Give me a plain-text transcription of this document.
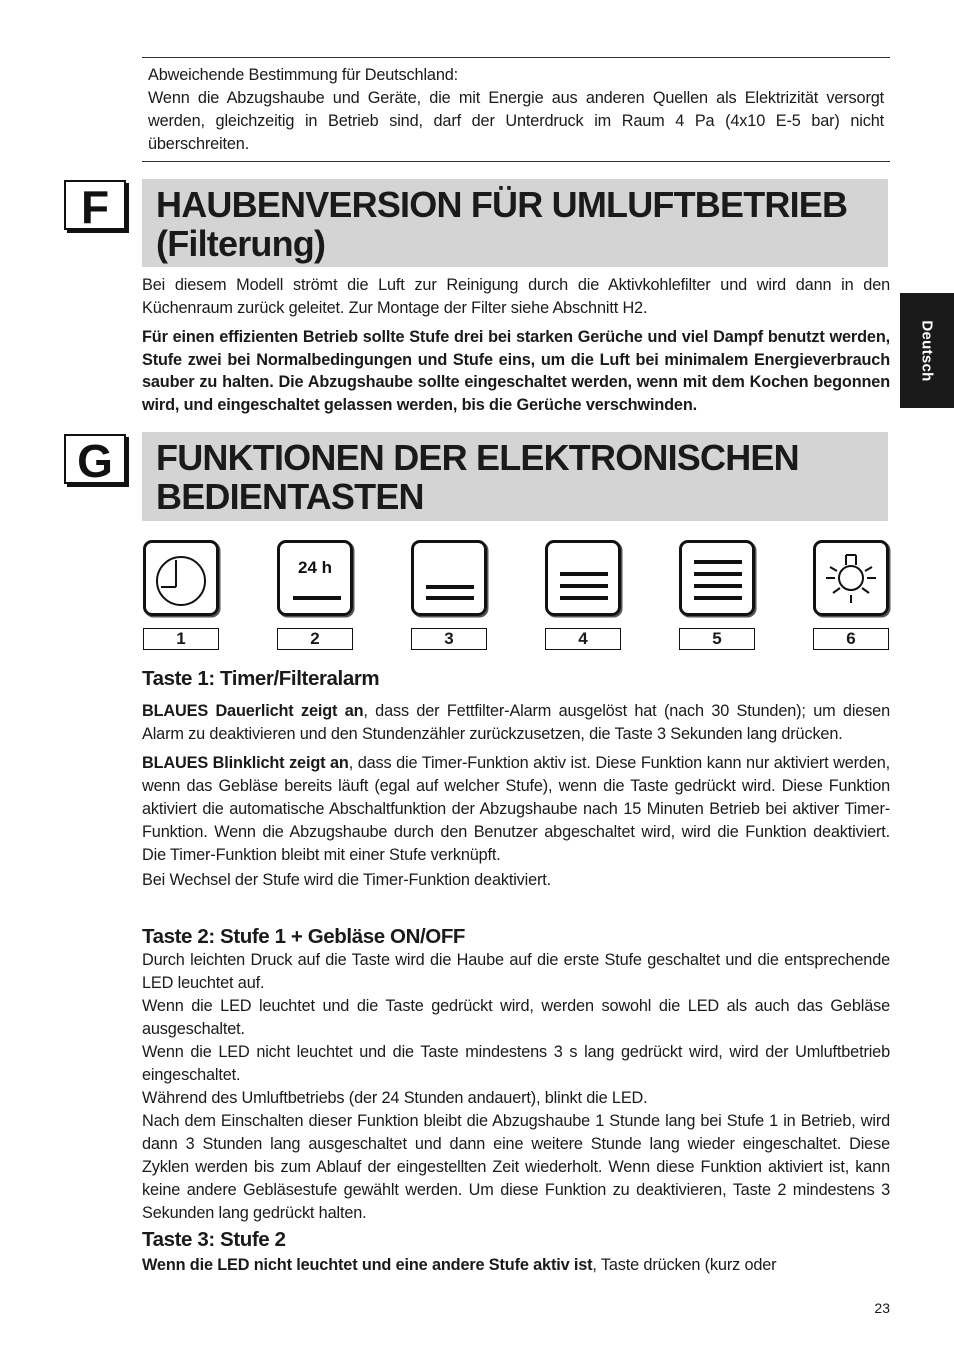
Abweichende Bestimmung für Deutschland:

Wenn die Abzugshaube und Geräte, die mit Energie aus anderen Quellen als Elektrizität versorgt werden, gleichzeitig in Betrieb sind, darf der Unterdruck im Raum 4 Pa (4x10 E-5 bar) nicht überschreiten.

Deutsch
F	HAUBENVERSION FÜR UMLUFTBETRIEB
(Filterung)

Bei diesem Modell strömt die Luft zur Reinigung durch die Aktivkohlefilter und wird dann in den Küchenraum zurück geleitet. Zur Montage der Filter siehe Abschnitt H2.

Für einen effizienten Betrieb sollte Stufe drei bei starken Gerüche und viel Dampf benutzt werden, Stufe zwei bei Normalbedingungen und Stufe eins, um die Luft bei minimalem Energieverbrauch sauber zu halten. Die Abzugshaube sollte eingeschaltet werden, wenn mit dem Kochen begonnen wird, und eingeschaltet gelassen werden, bis die Gerüche verschwinden.

G	FUNKTIONEN DER ELEKTRONISCHEN
BEDIENTASTEN
24 h
1	2	3	4	5	6

Taste 1: Timer/Filteralarm

BLAUES Dauerlicht zeigt an, dass der Fettfilter-Alarm ausgelöst hat (nach 30 Stunden); um diesen Alarm zu deaktivieren und den Stundenzähler zurückzusetzen, die Taste 3 Sekunden lang drücken.

BLAUES Blinklicht zeigt an, dass die Timer-Funktion aktiv ist. Diese Funktion kann nur aktiviert werden, wenn das Gebläse bereits läuft (egal auf welcher Stufe), wenn die Taste gedrückt wird. Diese Funktion aktiviert die automatische Abschaltfunktion der Abzugshaube nach 15 Minuten Betrieb bei aktiver Timer-Funktion. Wenn die Abzugshaube durch den Benutzer abgeschaltet wird, wird die Funktion deaktiviert. Die Timer-Funktion bleibt mit einer Stufe verknüpft.

Bei Wechsel der Stufe wird die Timer-Funktion deaktiviert.

Taste 2: Stufe 1 + Gebläse ON/OFF

Durch leichten Druck auf die Taste wird die Haube auf die erste Stufe geschaltet und die entsprechende LED leuchtet auf.

Wenn die LED leuchtet und die Taste gedrückt wird, werden sowohl die LED als auch das Gebläse ausgeschaltet.

Wenn die LED nicht leuchtet und die Taste mindestens 3 s lang gedrückt wird, wird der Umluftbetrieb eingeschaltet.

Während des Umluftbetriebs (der 24 Stunden andauert), blinkt die LED.

Nach dem Einschalten dieser Funktion bleibt die Abzugshaube 1 Stunde lang bei Stufe 1 in Betrieb, wird dann 3 Stunden lang ausgeschaltet und dann eine weitere Stunde lang wieder eingeschaltet. Diese Zyklen werden bis zum Ablauf der eingestellten Zeit wiederholt. Wenn diese Funktion aktiviert ist, kann keine andere Gebläsestufe gewählt werden. Um diese Funktion zu deaktivieren, Taste 2 mindestens 3 Sekunden lang gedrückt halten.

Taste 3: Stufe 2

Wenn die LED nicht leuchtet und eine andere Stufe aktiv ist, Taste drücken (kurz oder

23
